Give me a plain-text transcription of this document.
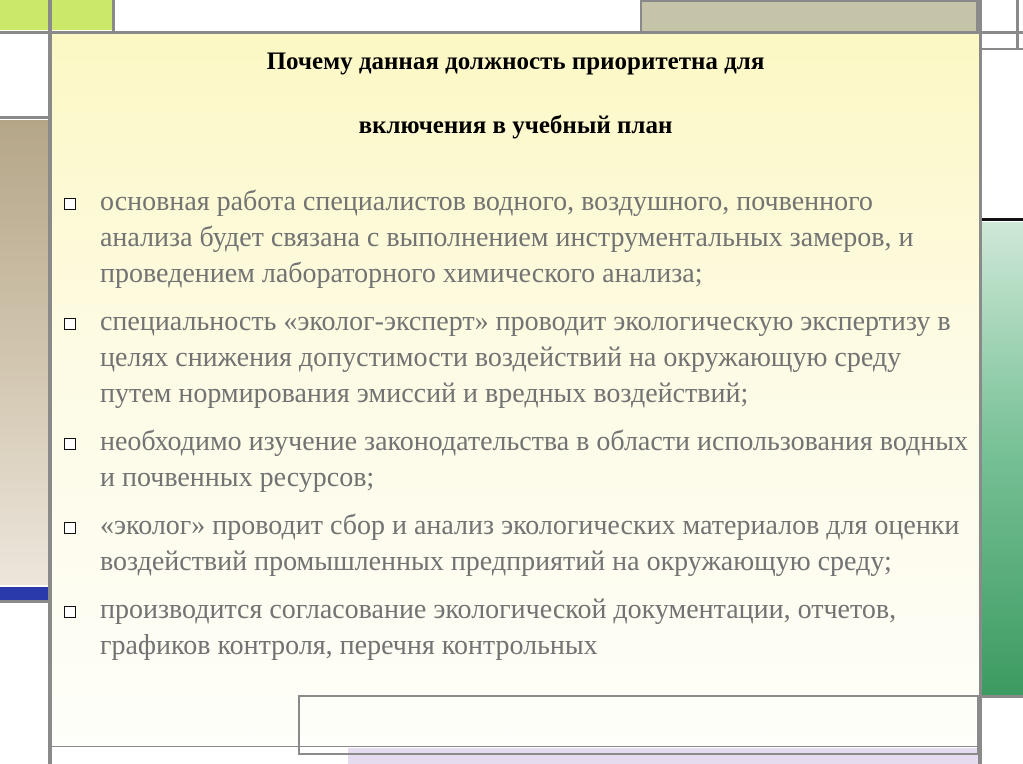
Почему данная должность приоритетна для
включения в учебный план
основная работа специалистов водного, воздушного, почвенного анализа будет связана с выполнением инструментальных замеров, и проведением лабораторного химического анализа;
специальность «эколог-эксперт» проводит экологическую экспертизу в целях снижения допустимости воздействий на окружающую среду путем нормирования эмиссий и вредных воздействий;
необходимо изучение законодательства в области использования водных и почвенных ресурсов;
«эколог» проводит сбор и анализ экологических материалов для оценки воздействий промышленных предприятий на окружающую среду;
производится согласование экологической документации, отчетов, графиков контроля, перечня контрольных
